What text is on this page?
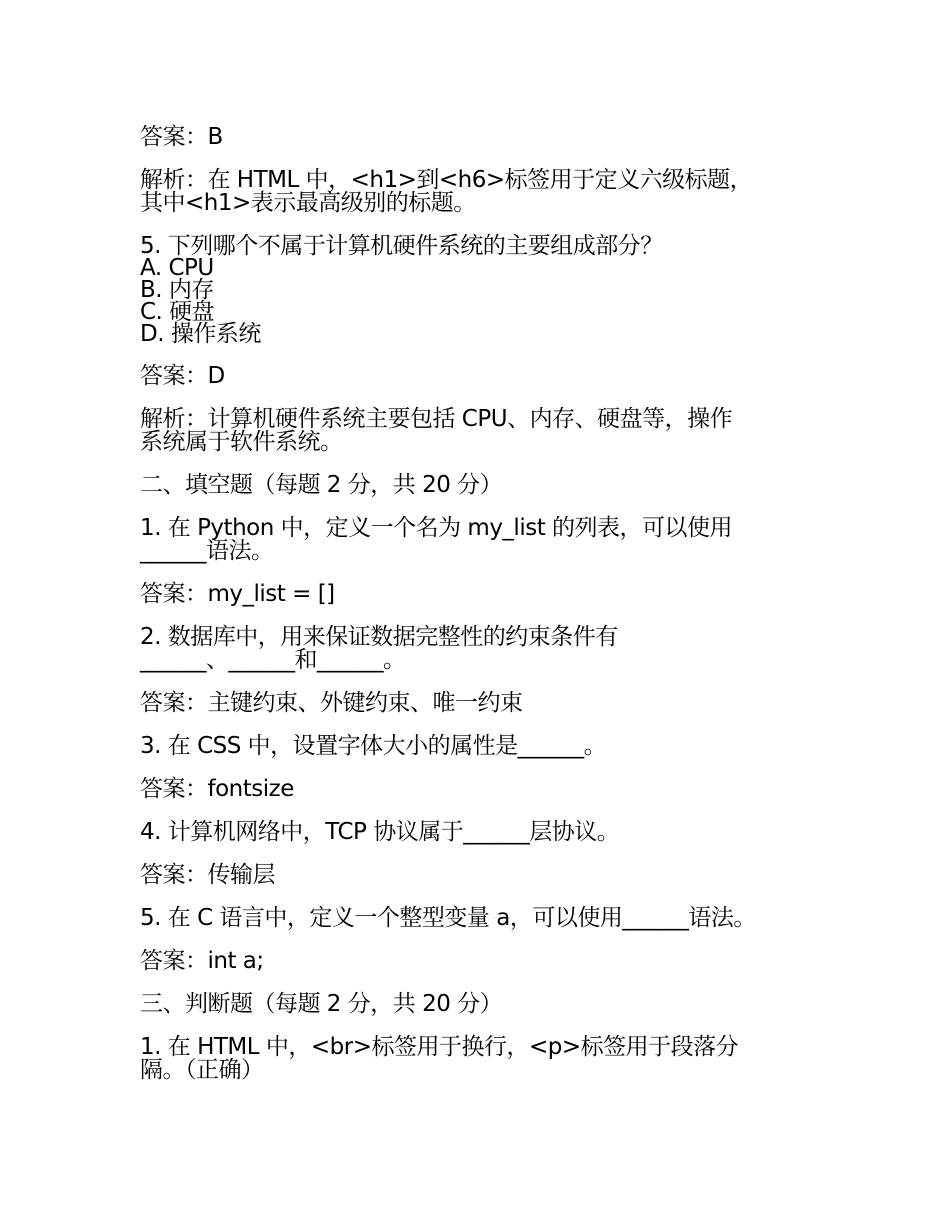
答案：B
解析：在 HTML 中，<h1>到<h6>标签用于定义六级标题，
其中<h1>表示最高级别的标题。
5. 下列哪个不属于计算机硬件系统的主要组成部分？
A. CPU
B. 内存
C. 硬盘
D. 操作系统
答案：D
解析：计算机硬件系统主要包括 CPU、内存、硬盘等，操作
系统属于软件系统。
二、填空题（每题 2 分，共 20 分）
1. 在 Python 中，定义一个名为 my_list 的列表，可以使用
______语法。
答案：my_list = []
2. 数据库中，用来保证数据完整性的约束条件有
______、______和______。
答案：主键约束、外键约束、唯一约束
3. 在 CSS 中，设置字体大小的属性是______。
答案：fontsize
4. 计算机网络中，TCP 协议属于______层协议。
答案：传输层
5. 在 C 语言中，定义一个整型变量 a，可以使用______语法。
答案：int a;
三、判断题（每题 2 分，共 20 分）
1. 在 HTML 中，<br>标签用于换行，<p>标签用于段落分
隔。（正确）
